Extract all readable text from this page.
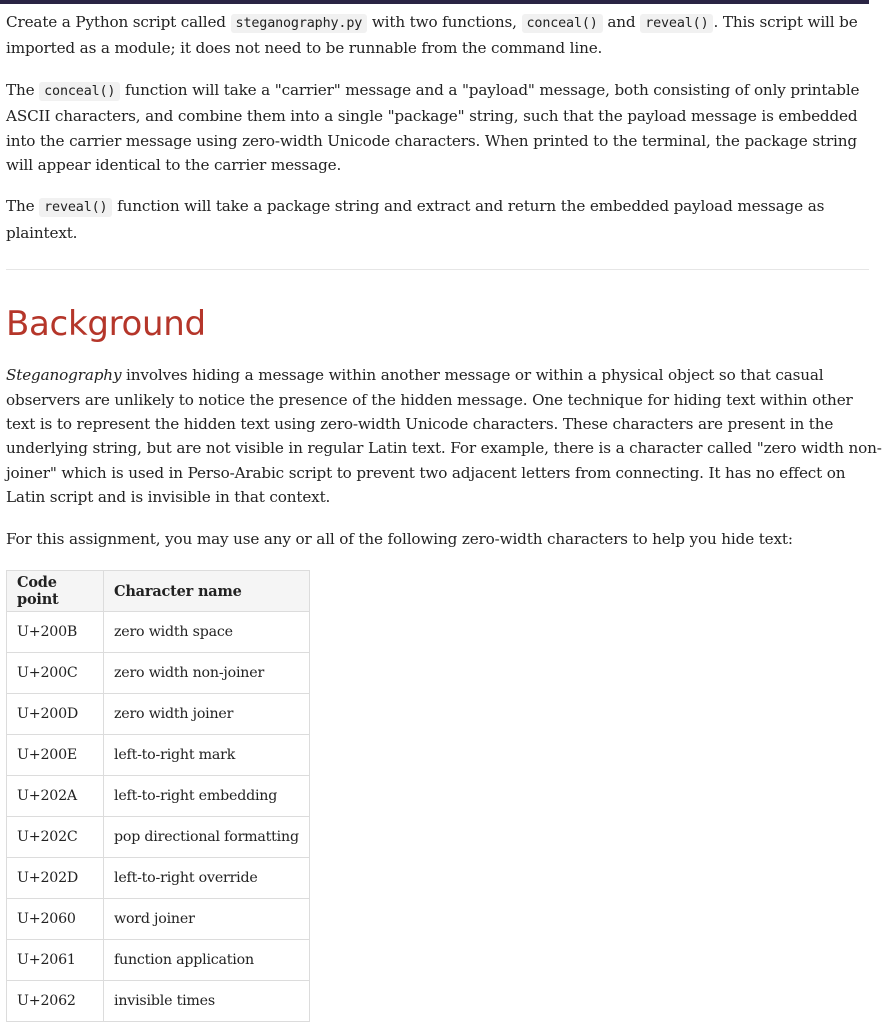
Create a Python script called steganography.py with two functions, conceal() and reveal() . This script will be imported as a module; it does not need to be runnable from the command line.

The conceal() function will take a "carrier" message and a "payload" message, both consisting of only printable ASCII characters, and combine them into a single "package" string, such that the payload message is embedded into the carrier message using zero-width Unicode characters. When printed to the terminal, the package string will appear identical to the carrier message.

The reveal() function will take a package string and extract and return the embedded payload message as plaintext.

Background

Steganography involves hiding a message within another message or within a physical object so that casual observers are unlikely to notice the presence of the hidden message. One technique for hiding text within other text is to represent the hidden text using zero-width Unicode characters. These characters are present in the underlying string, but are not visible in regular Latin text. For example, there is a character called "zero width non-joiner" which is used in Perso-Arabic script to prevent two adjacent letters from connecting. It has no effect on Latin script and is invisible in that context.

For this assignment, you may use any or all of the following zero-width characters to help you hide text:

Code point	Character name
U+200B	zero width space
U+200C	zero width non-joiner
U+200D	zero width joiner
U+200E	left-to-right mark
U+202A	left-to-right embedding
U+202C	pop directional formatting
U+202D	left-to-right override
U+2060	word joiner
U+2061	function application
U+2062	invisible times
